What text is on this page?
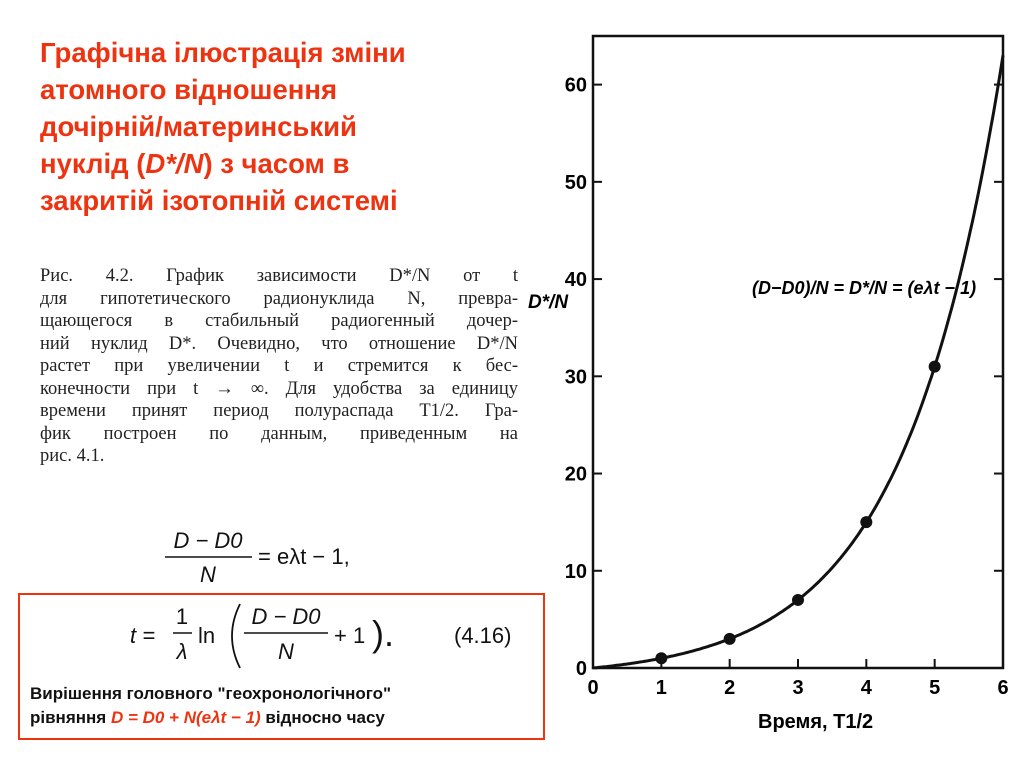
Графічна ілюстрація зміни
атомного відношення
дочірній/материнський
нуклід (D*/N) з часом в
закритій ізотопній системі
Рис. 4.2. График зависимости D*/N от t
для гипотетического радионуклида N, превра-
щающегося в стабильный радиогенный дочер-
ний нуклид D*. Очевидно, что отношение D*/N
растет при увеличении t и стремится к бес-
конечности при t → ∞. Для удобства за единицу
времени принят период полураспада T1/2. Гра-
фик построен по данным, приведенным на
рис. 4.1.
D − D0
N
= eλt − 1,
t =
1
λ
ln
D − D0
N
+ 1 ).	(4.16)
Вирішення головного "геохронологічного"
рівняння D = D0 + N(eλt − 1) відносно часу
0	1	2	3	4	5	6
0
10
20
30
40
50
60
D*/N
Время, T1/2
(D−D0)/N = D*/N = (eλt − 1)
